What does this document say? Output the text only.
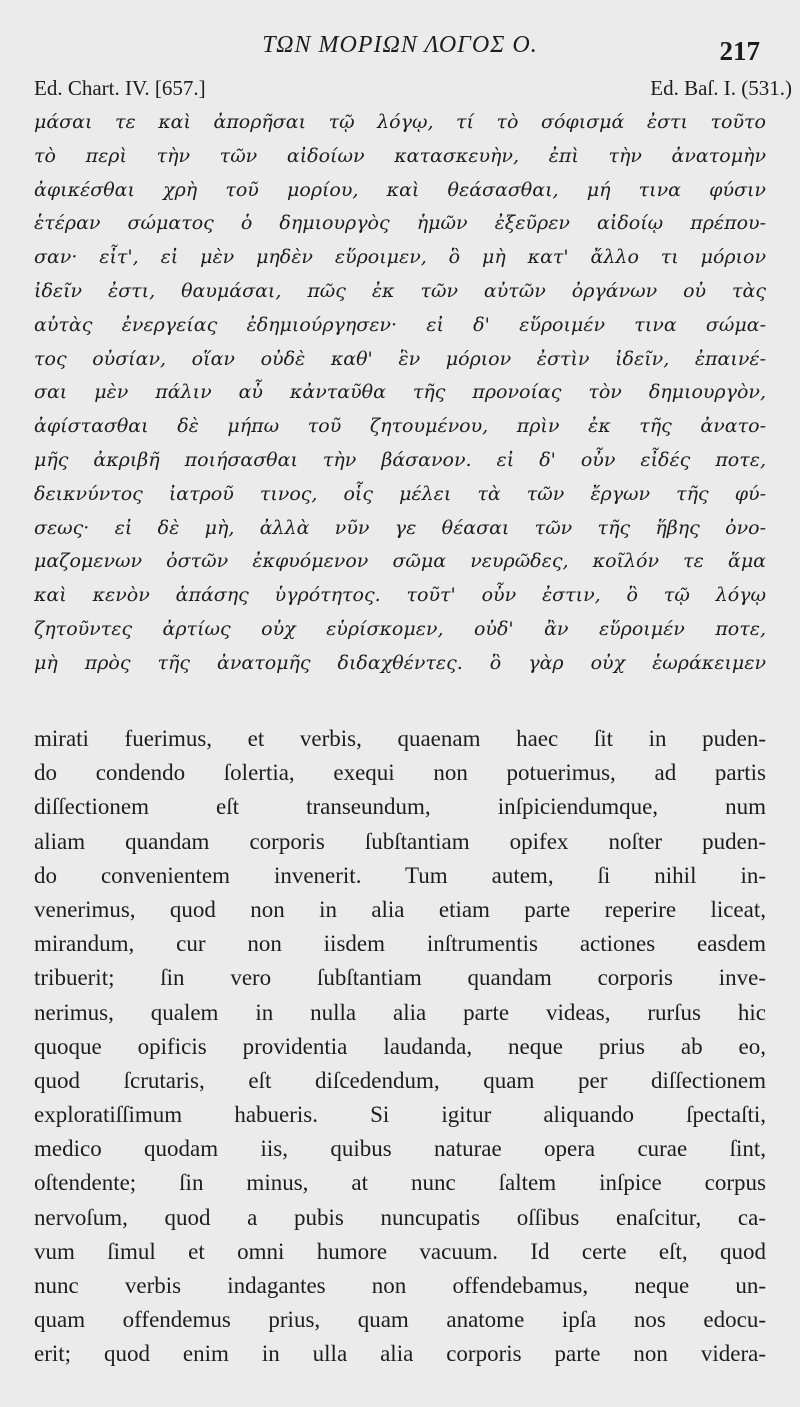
ΤΩΝ ΜΟΡΙΩΝ ΛΟΓΟΣ Ο.	217
Ed. Chart. IV. [657.]	Ed. Baſ. I. (531.)
μάσαι τε καὶ ἀπορῆσαι τῷ λόγῳ, τί τὸ σόφισμά ἐστι τοῦτο
τὸ περὶ τὴν τῶν αἰδοίων κατασκευὴν, ἐπὶ τὴν ἀνατομὴν
ἀφικέσθαι χρὴ τοῦ μορίου, καὶ θεάσασθαι, μή τινα φύσιν
ἑτέραν σώματος ὁ δημιουργὸς ἡμῶν ἐξεῦρεν αἰδοίῳ πρέπου-
σαν· εἶτ', εἰ μὲν μηδὲν εὕροιμεν, ὃ μὴ κατ' ἄλλο τι μόριον
ἰδεῖν ἐστι, θαυμάσαι, πῶς ἐκ τῶν αὐτῶν ὀργάνων οὐ τὰς
αὐτὰς ἐνεργείας ἐδημιούργησεν· εἰ δ' εὕροιμέν τινα σώμα-
τος οὐσίαν, οἵαν οὐδὲ καθ' ἓν μόριον ἐστὶν ἰδεῖν, ἐπαινέ-
σαι μὲν πάλιν αὖ κἀνταῦθα τῆς προνοίας τὸν δημιουργὸν,
ἀφίστασθαι δὲ μήπω τοῦ ζητουμένου, πρὶν ἐκ τῆς ἀνατο-
μῆς ἀκριβῆ ποιήσασθαι τὴν βάσανον. εἰ δ' οὖν εἶδές ποτε,
δεικνύντος ἰατροῦ τινος, οἷς μέλει τὰ τῶν ἔργων τῆς φύ-
σεως· εἰ δὲ μὴ, ἀλλὰ νῦν γε θέασαι τῶν τῆς ἥβης ὀνο-
μαζομενων ὀστῶν ἐκφυόμενον σῶμα νευρῶδες, κοῖλόν τε ἅμα
καὶ κενὸν ἁπάσης ὑγρότητος. τοῦτ' οὖν ἐστιν, ὃ τῷ λόγῳ
ζητοῦντες ἀρτίως οὐχ εὑρίσκομεν, οὐδ' ἂν εὕροιμέν ποτε,
μὴ πρὸς τῆς ἀνατομῆς διδαχθέντες. ὃ γὰρ οὐχ ἑωράκειμεν
mirati fuerimus, et verbis, quaenam haec ſit in puden-
do condendo ſolertia, exequi non potuerimus, ad partis
diſſectionem eſt transeundum, inſpiciendumque, num
aliam quandam corporis ſubſtantiam opifex noſter puden-
do convenientem invenerit. Tum autem, ſi nihil in-
venerimus, quod non in alia etiam parte reperire liceat,
mirandum, cur non iisdem inſtrumentis actiones easdem
tribuerit; ſin vero ſubſtantiam quandam corporis inve-
nerimus, qualem in nulla alia parte videas, rurſus hic
quoque opificis providentia laudanda, neque prius ab eo,
quod ſcrutaris, eſt diſcedendum, quam per diſſectionem
exploratiſſimum habueris. Si igitur aliquando ſpectaſti,
medico quodam iis, quibus naturae opera curae ſint,
oſtendente; ſin minus, at nunc ſaltem inſpice corpus
nervoſum, quod a pubis nuncupatis oſſibus enaſcitur, ca-
vum ſimul et omni humore vacuum. Id certe eſt, quod
nunc verbis indagantes non offendebamus, neque un-
quam offendemus prius, quam anatome ipſa nos edocu-
erit; quod enim in ulla alia corporis parte non videra-
